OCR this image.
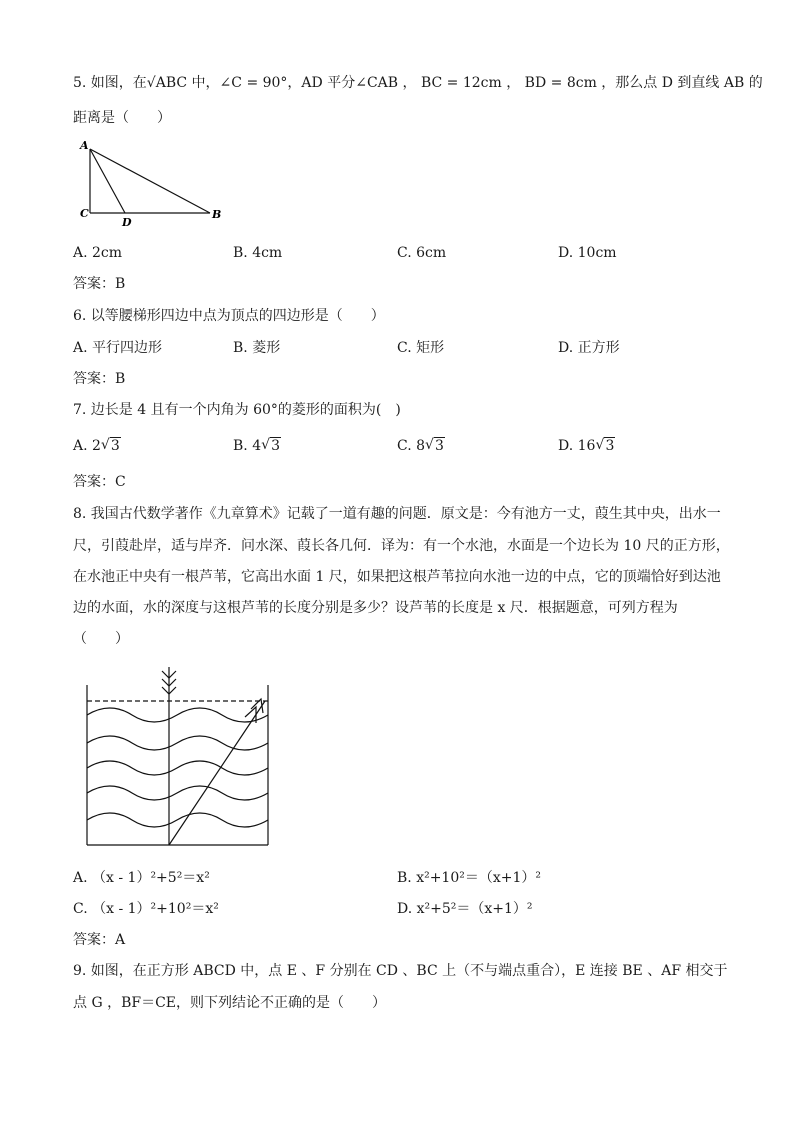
5. 如图，在√ABC 中，∠C = 90°，AD 平分∠CAB ， BC = 12cm ， BD = 8cm ，那么点 D 到直线 AB 的
距离是（　　）
A
C
D
B
A. 2cm	B. 4cm	C. 6cm	D. 10cm
答案：B
6. 以等腰梯形四边中点为顶点的四边形是（　　）
A. 平行四边形	B. 菱形	C. 矩形	D. 正方形
答案：B
7. 边长是 4 且有一个内角为 60°的菱形的面积为(　)
A. 2 √ 3	B. 4 √ 3	C. 8 √ 3	D. 16 √ 3
答案：C
8. 我国古代数学著作《九章算术》记载了一道有趣的问题．原文是：今有池方一丈，葭生其中央，出水一
尺，引葭赴岸，适与岸齐．问水深、葭长各几何．译为：有一个水池，水面是一个边长为 10 尺的正方形，
在水池正中央有一根芦苇，它高出水面 1 尺，如果把这根芦苇拉向水池一边的中点，它的顶端恰好到达池
边的水面，水的深度与这根芦苇的长度分别是多少？设芦苇的长度是 x 尺．根据题意，可列方程为
（　　）
A. （x - 1）²+5²＝x²	B. x²+10²＝（x+1）²
C. （x - 1）²+10²＝x²	D. x²+5²＝（x+1）²
答案：A
9. 如图，在正方形 ABCD 中，点 E 、F 分别在 CD 、BC 上（不与端点重合），E 连接 BE 、AF 相交于
点 G ，BF＝CE，则下列结论不正确的是（　　）
